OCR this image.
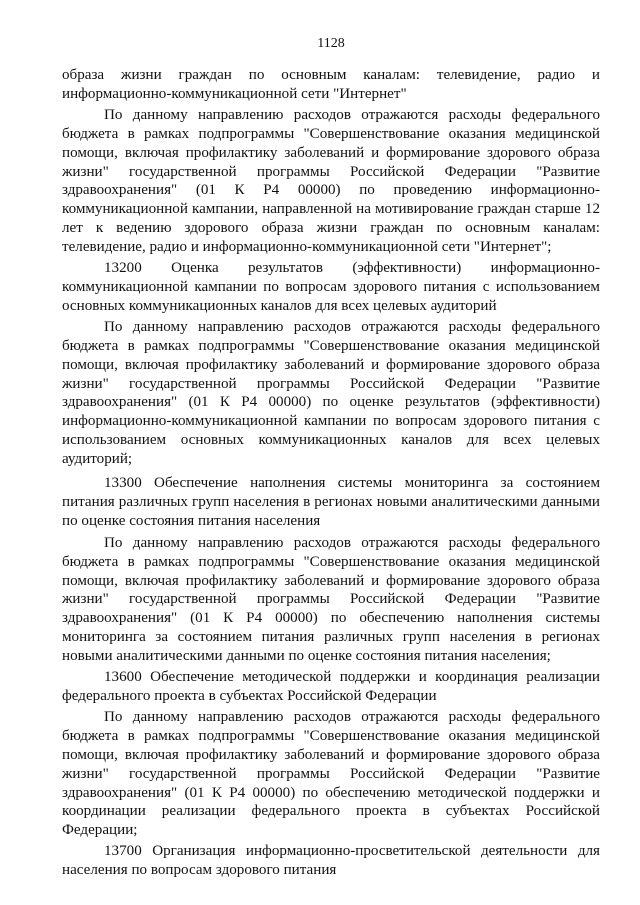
1128

образа жизни граждан по основным каналам: телевидение, радио и информационно-коммуникационной сети "Интернет"

По данному направлению расходов отражаются расходы федерального бюджета в рамках подпрограммы "Совершенствование оказания медицинской помощи, включая профилактику заболеваний и формирование здорового образа жизни" государственной программы Российской Федерации "Развитие здравоохранения" (01 К Р4 00000) по проведению информационно-коммуникационной кампании, направленной на мотивирование граждан старше 12 лет к ведению здорового образа жизни граждан по основным каналам: телевидение, радио и информационно-коммуникационной сети "Интернет";

13200 Оценка результатов (эффективности) информационно-коммуникационной кампании по вопросам здорового питания с использованием основных коммуникационных каналов для всех целевых аудиторий

По данному направлению расходов отражаются расходы федерального бюджета в рамках подпрограммы "Совершенствование оказания медицинской помощи, включая профилактику заболеваний и формирование здорового образа жизни" государственной программы Российской Федерации "Развитие здравоохранения" (01 К Р4 00000) по оценке результатов (эффективности) информационно-коммуникационной кампании по вопросам здорового питания с использованием основных коммуникационных каналов для всех целевых аудиторий;

13300 Обеспечение наполнения системы мониторинга за состоянием питания различных групп населения в регионах новыми аналитическими данными по оценке состояния питания населения

По данному направлению расходов отражаются расходы федерального бюджета в рамках подпрограммы "Совершенствование оказания медицинской помощи, включая профилактику заболеваний и формирование здорового образа жизни" государственной программы Российской Федерации "Развитие здравоохранения" (01 К Р4 00000) по обеспечению наполнения системы мониторинга за состоянием питания различных групп населения в регионах новыми аналитическими данными по оценке состояния питания населения;

13600 Обеспечение методической поддержки и координация реализации федерального проекта в субъектах Российской Федерации

По данному направлению расходов отражаются расходы федерального бюджета в рамках подпрограммы "Совершенствование оказания медицинской помощи, включая профилактику заболеваний и формирование здорового образа жизни" государственной программы Российской Федерации "Развитие здравоохранения" (01 К Р4 00000) по обеспечению методической поддержки и координации реализации федерального проекта в субъектах Российской Федерации;

13700 Организация информационно-просветительской деятельности для населения по вопросам здорового питания
